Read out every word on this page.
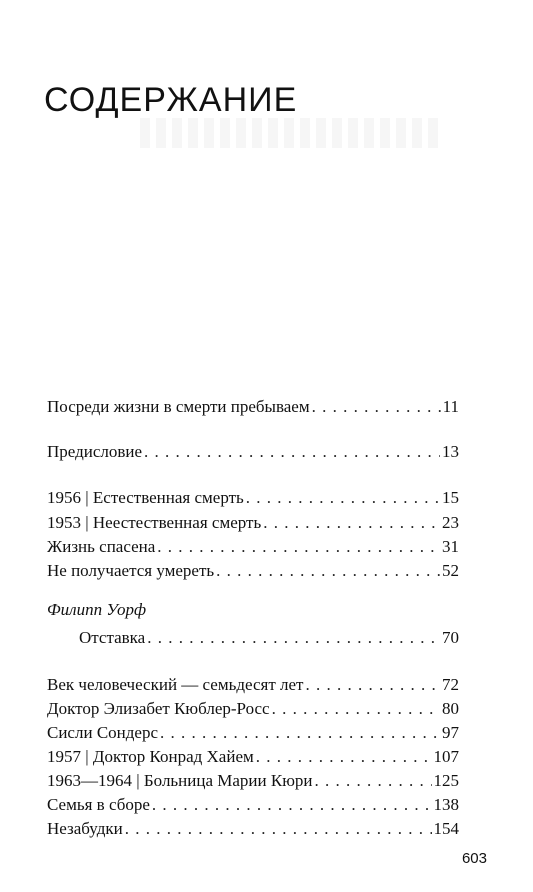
СОДЕРЖАНИЕ
Посреди жизни в смерти пребываем . . .	11
Предисловие . . .	13
1956 | Естественная смерть . . .	15
1953 | Неестественная смерть . . .	23
Жизнь спасена . . .	31
Не получается умереть . . .	52
Филипп Уорф
Отставка . . .	70
Век человеческий — семьдесят лет . . .	72
Доктор Элизабет Кюблер-Росс . . .	80
Сисли Сондерс . . .	97
1957 | Доктор Конрад Хайем . . .	107
1963—1964 | Больница Марии Кюри . . .	125
Семья в сборе . . .	138
Незабудки . . .	154
603
